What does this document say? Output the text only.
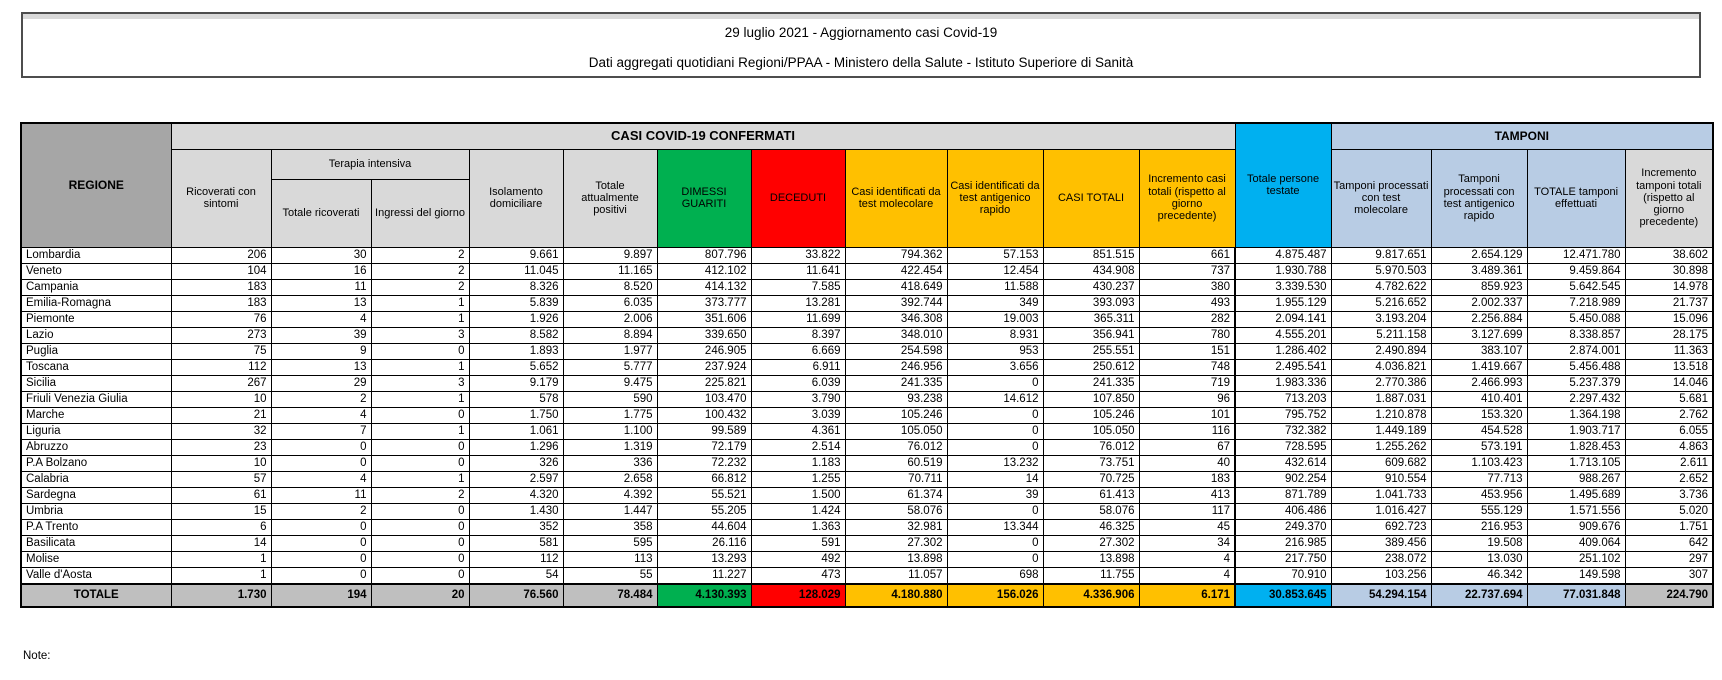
29 luglio 2021 - Aggiornamento casi Covid-19
Dati aggregati quotidiani Regioni/PPAA - Ministero della Salute - Istituto Superiore di Sanità
REGIONE	CASI COVID-19 CONFERMATI											Totale persone testate	TAMPONI			
	Ricoverati con sintomi	Terapia intensiva		Isolamento domiciliare	Totale attualmente positivi	DIMESSI GUARITI	DECEDUTI	Casi identificati da test molecolare	Casi identificati da test antigenico rapido	CASI TOTALI	Incremento casi totali (rispetto al giorno precedente)		Tamponi processati con test molecolare	Tamponi processati con test antigenico rapido	TOTALE tamponi effettuati	Incremento tamponi totali (rispetto al giorno precedente)
		Totale ricoverati	Ingressi del giorno													
Lombardia	206	30	2	9.661	9.897	807.796	33.822	794.362	57.153	851.515	661	4.875.487	9.817.651	2.654.129	12.471.780	38.602
Veneto	104	16	2	11.045	11.165	412.102	11.641	422.454	12.454	434.908	737	1.930.788	5.970.503	3.489.361	9.459.864	30.898
Campania	183	11	2	8.326	8.520	414.132	7.585	418.649	11.588	430.237	380	3.339.530	4.782.622	859.923	5.642.545	14.978
Emilia-Romagna	183	13	1	5.839	6.035	373.777	13.281	392.744	349	393.093	493	1.955.129	5.216.652	2.002.337	7.218.989	21.737
Piemonte	76	4	1	1.926	2.006	351.606	11.699	346.308	19.003	365.311	282	2.094.141	3.193.204	2.256.884	5.450.088	15.096
Lazio	273	39	3	8.582	8.894	339.650	8.397	348.010	8.931	356.941	780	4.555.201	5.211.158	3.127.699	8.338.857	28.175
Puglia	75	9	0	1.893	1.977	246.905	6.669	254.598	953	255.551	151	1.286.402	2.490.894	383.107	2.874.001	11.363
Toscana	112	13	1	5.652	5.777	237.924	6.911	246.956	3.656	250.612	748	2.495.541	4.036.821	1.419.667	5.456.488	13.518
Sicilia	267	29	3	9.179	9.475	225.821	6.039	241.335	0	241.335	719	1.983.336	2.770.386	2.466.993	5.237.379	14.046
Friuli Venezia Giulia	10	2	1	578	590	103.470	3.790	93.238	14.612	107.850	96	713.203	1.887.031	410.401	2.297.432	5.681
Marche	21	4	0	1.750	1.775	100.432	3.039	105.246	0	105.246	101	795.752	1.210.878	153.320	1.364.198	2.762
Liguria	32	7	1	1.061	1.100	99.589	4.361	105.050	0	105.050	116	732.382	1.449.189	454.528	1.903.717	6.055
Abruzzo	23	0	0	1.296	1.319	72.179	2.514	76.012	0	76.012	67	728.595	1.255.262	573.191	1.828.453	4.863
P.A Bolzano	10	0	0	326	336	72.232	1.183	60.519	13.232	73.751	40	432.614	609.682	1.103.423	1.713.105	2.611
Calabria	57	4	1	2.597	2.658	66.812	1.255	70.711	14	70.725	183	902.254	910.554	77.713	988.267	2.652
Sardegna	61	11	2	4.320	4.392	55.521	1.500	61.374	39	61.413	413	871.789	1.041.733	453.956	1.495.689	3.736
Umbria	15	2	0	1.430	1.447	55.205	1.424	58.076	0	58.076	117	406.486	1.016.427	555.129	1.571.556	5.020
P.A Trento	6	0	0	352	358	44.604	1.363	32.981	13.344	46.325	45	249.370	692.723	216.953	909.676	1.751
Basilicata	14	0	0	581	595	26.116	591	27.302	0	27.302	34	216.985	389.456	19.508	409.064	642
Molise	1	0	0	112	113	13.293	492	13.898	0	13.898	4	217.750	238.072	13.030	251.102	297
Valle d'Aosta	1	0	0	54	55	11.227	473	11.057	698	11.755	4	70.910	103.256	46.342	149.598	307
TOTALE	1.730	194	20	76.560	78.484	4.130.393	128.029	4.180.880	156.026	4.336.906	6.171	30.853.645	54.294.154	22.737.694	77.031.848	224.790
Note:
